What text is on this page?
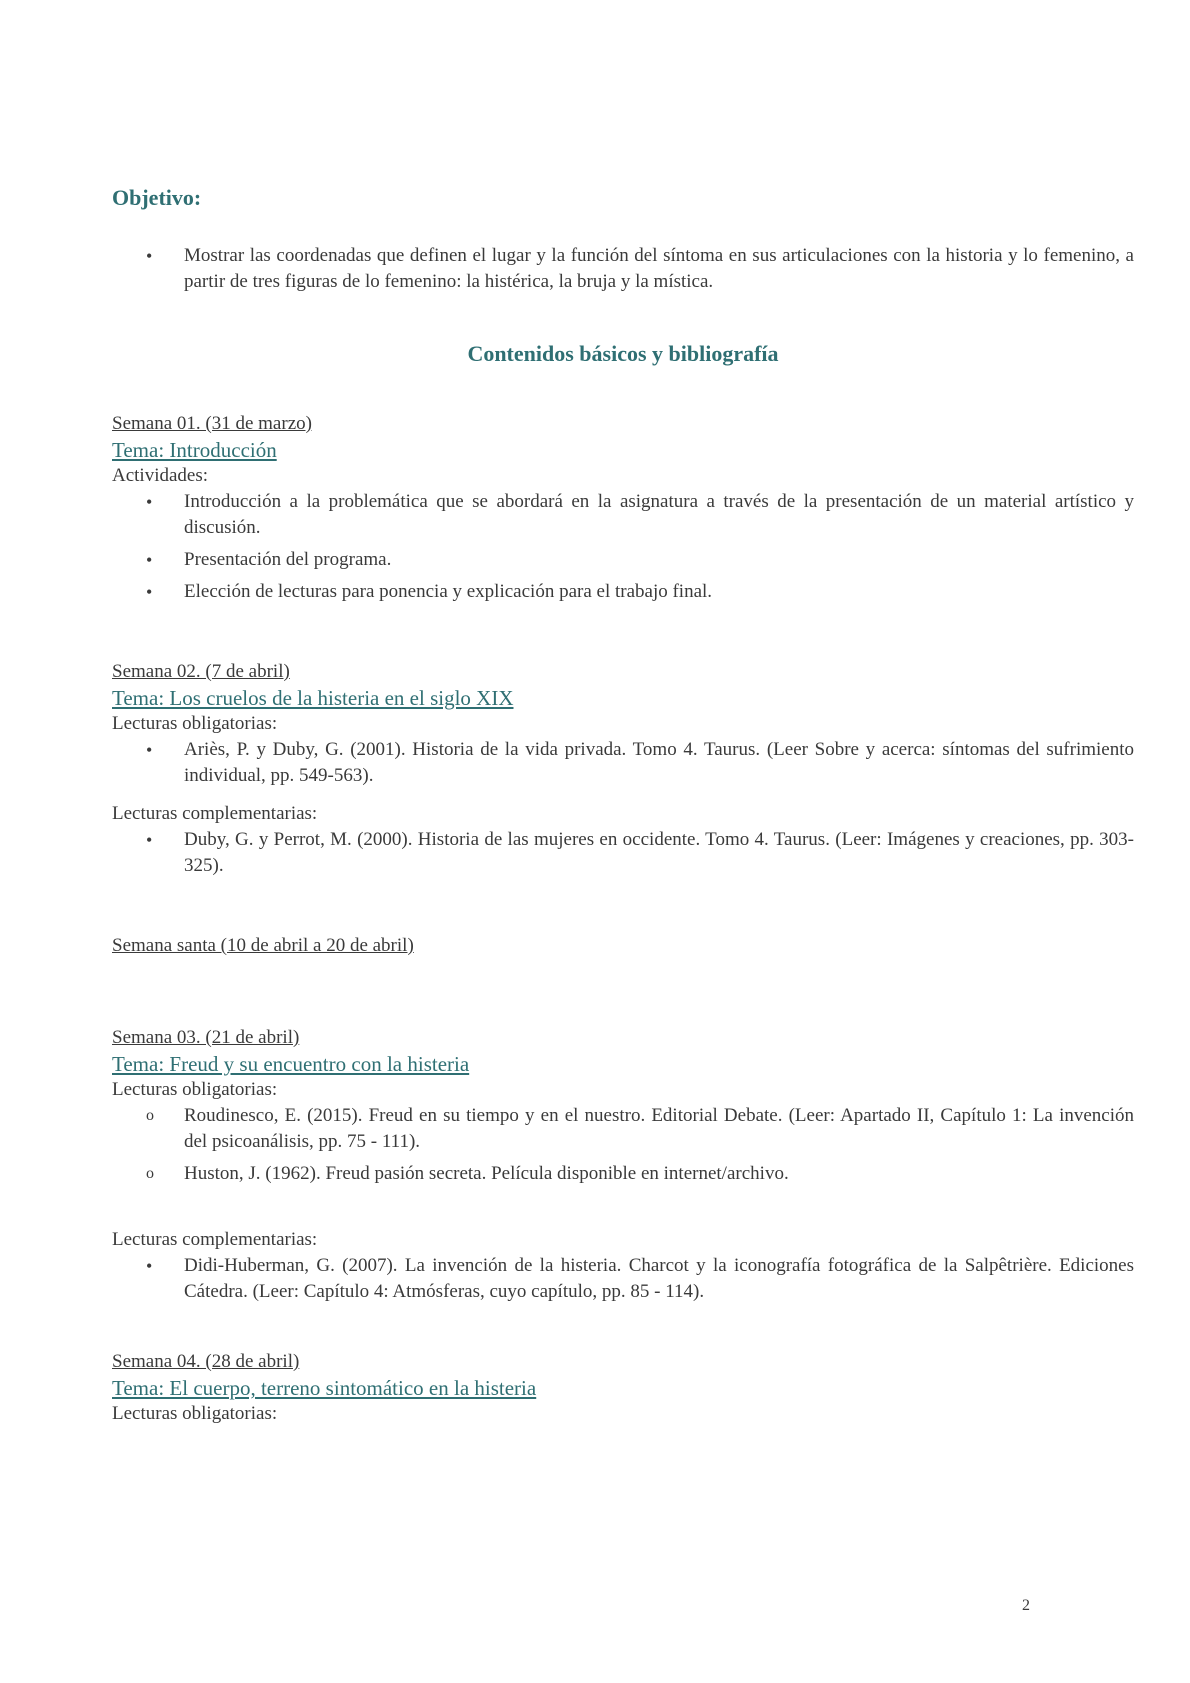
Objetivo:
• Mostrar las coordenadas que definen el lugar y la función del síntoma en sus articulaciones con la historia y lo femenino, a partir de tres figuras de lo femenino: la histérica, la bruja y la mística.
Contenidos básicos y bibliografía
Semana 01. (31 de marzo)
Tema: Introducción
Actividades:
• Introducción a la problemática que se abordará en la asignatura a través de la presentación de un material artístico y discusión.
• Presentación del programa.
• Elección de lecturas para ponencia y explicación para el trabajo final.
Semana 02. (7 de abril)
Tema: Los cruelos de la histeria en el siglo XIX
Lecturas obligatorias:
• Ariès, P. y Duby, G. (2001). Historia de la vida privada. Tomo 4. Taurus. (Leer Sobre y acerca: síntomas del sufrimiento individual, pp. 549-563).
Lecturas complementarias:
• Duby, G. y Perrot, M. (2000). Historia de las mujeres en occidente. Tomo 4. Taurus. (Leer: Imágenes y creaciones, pp. 303-325).
Semana santa (10 de abril a 20 de abril)
Semana 03. (21 de abril)
Tema: Freud y su encuentro con la histeria
Lecturas obligatorias:
o Roudinesco, E. (2015). Freud en su tiempo y en el nuestro. Editorial Debate. (Leer: Apartado II, Capítulo 1: La invención del psicoanálisis, pp. 75 - 111).
o Huston, J. (1962). Freud pasión secreta. Película disponible en internet/archivo.
Lecturas complementarias:
• Didi-Huberman, G. (2007). La invención de la histeria. Charcot y la iconografía fotográfica de la Salpêtrière. Ediciones Cátedra. (Leer: Capítulo 4: Atmósferas, cuyo capítulo, pp. 85 - 114).
Semana 04. (28 de abril)
Tema: El cuerpo, terreno sintomático en la histeria
Lecturas obligatorias:
2
